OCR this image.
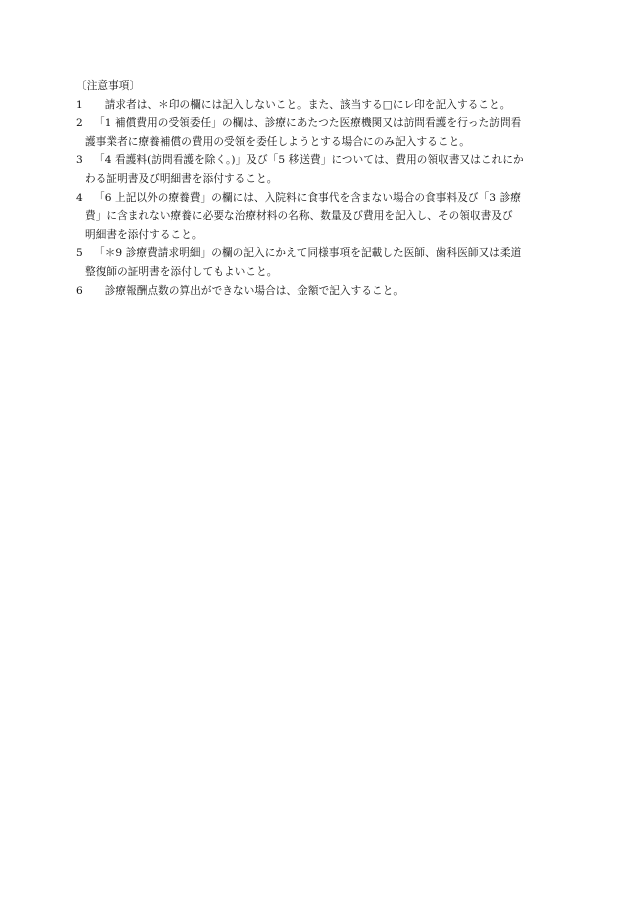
〔注意事項〕
1	　請求者は、＊印の欄には記入しないこと。また、該当する□にレ印を記入すること。
2	「1 補償費用の受領委任」の欄は、診療にあたつた医療機関又は訪問看護を行った訪問看
護事業者に療養補償の費用の受領を委任しようとする場合にのみ記入すること。
3	「4 看護料(訪問看護を除く。)」及び「5 移送費」については、費用の領収書又はこれにか
わる証明書及び明細書を添付すること。
4	「6 上記以外の療養費」の欄には、入院料に食事代を含まない場合の食事料及び「3 診療
費」に含まれない療養に必要な治療材料の名称、数量及び費用を記入し、その領収書及び
明細書を添付すること。
5	「＊9 診療費請求明細」の欄の記入にかえて同様事項を記載した医師、歯科医師又は柔道
整復師の証明書を添付してもよいこと。
6	　診療報酬点数の算出ができない場合は、金額で記入すること。
